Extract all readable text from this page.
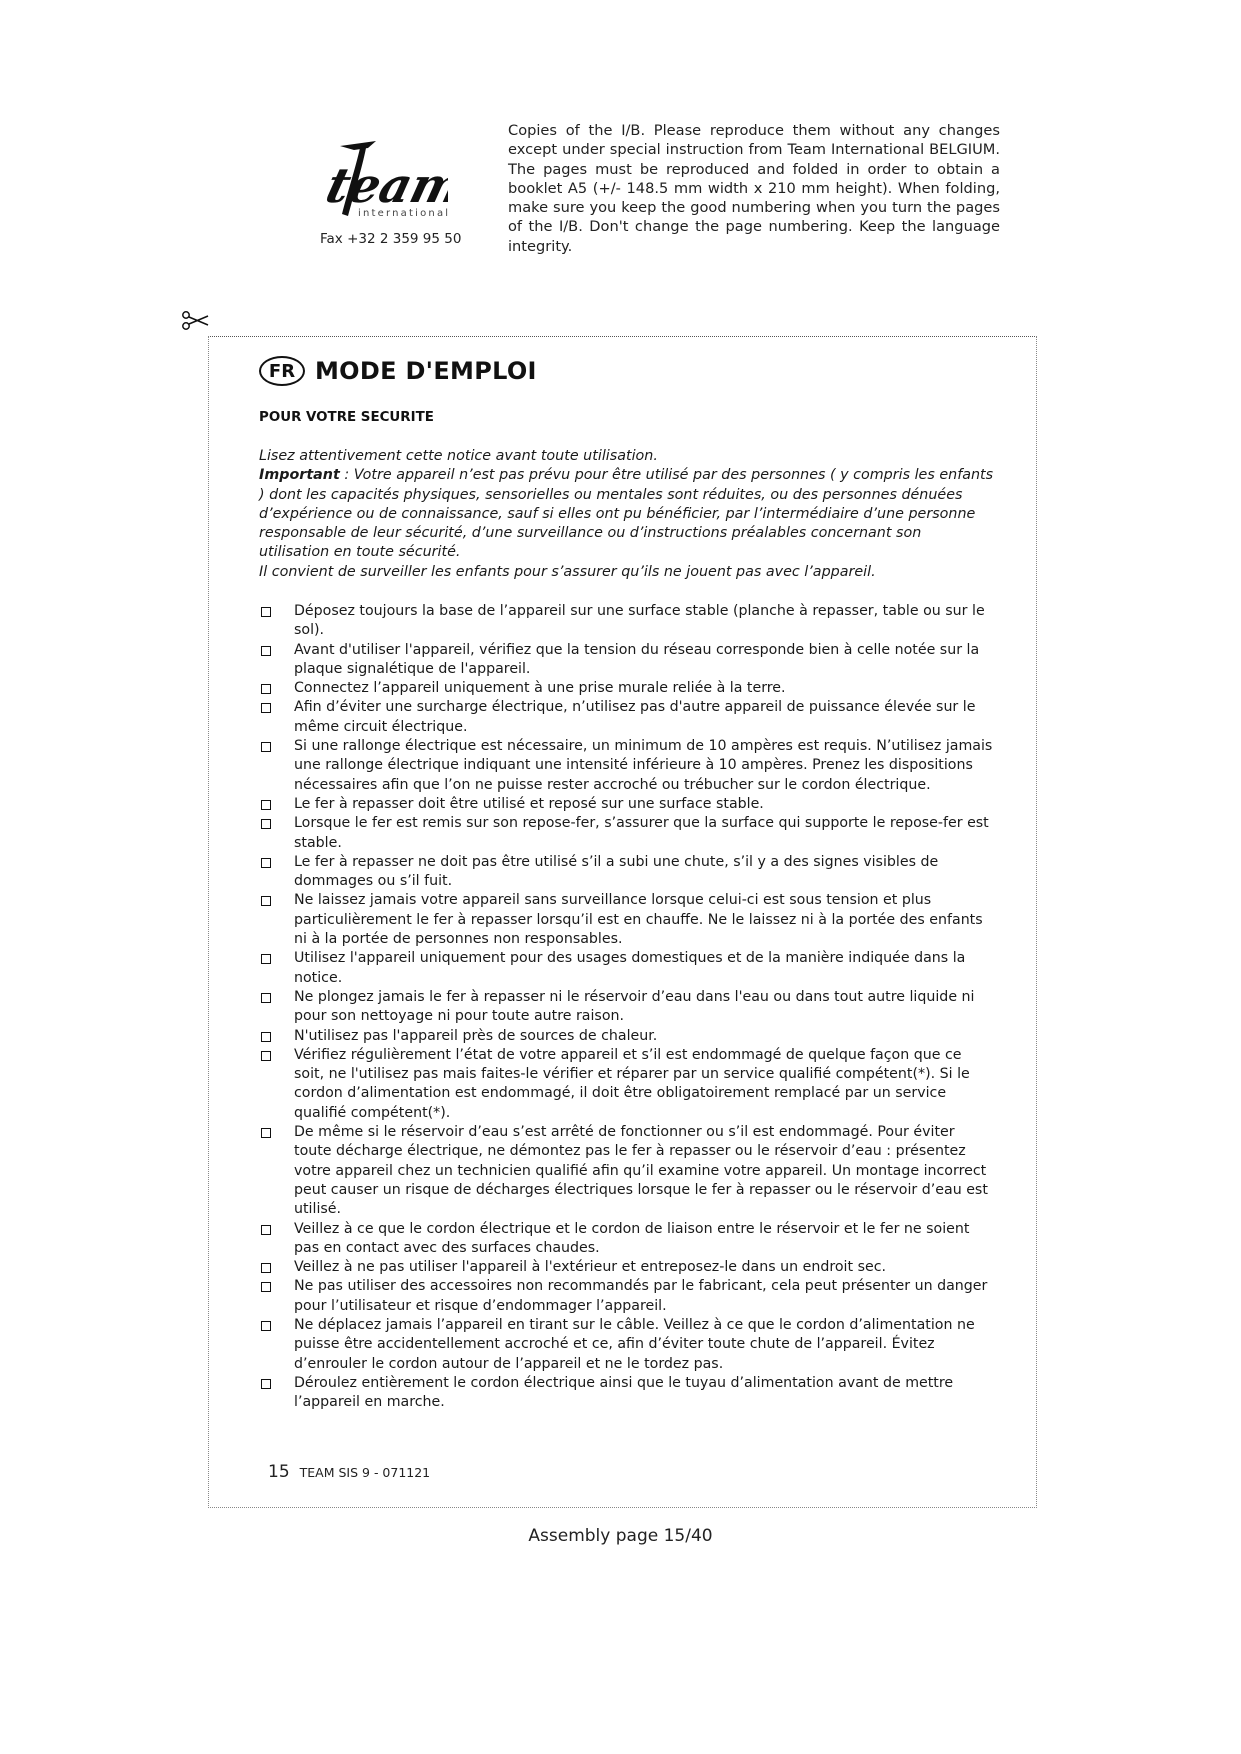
team
international
Fax +32 2 359 95 50
Copies of the I/B. Please reproduce them without any changes except under special instruction from Team International BELGIUM. The pages must be reproduced and folded in order to obtain a booklet A5 (+/- 148.5 mm width x 210 mm height). When folding, make sure you keep the good numbering when you turn the pages of the I/B. Don't change the page numbering. Keep the language integrity.
FR MODE D'EMPLOI
POUR VOTRE SECURITE

Lisez attentivement cette notice avant toute utilisation.

Important : Votre appareil n’est pas prévu pour être utilisé par des personnes ( y compris les enfants ) dont les capacités physiques, sensorielles ou mentales sont réduites, ou des personnes dénuées d’expérience ou de connaissance, sauf si elles ont pu bénéficier, par l’intermédiaire d’une personne responsable de leur sécurité, d’une surveillance ou d’instructions préalables concernant son utilisation en toute sécurité.

Il convient de surveiller les enfants pour s’assurer qu’ils ne jouent pas avec l’appareil.

Déposez toujours la base de l’appareil sur une surface stable (planche à repasser, table ou sur le sol).
Avant d'utiliser l'appareil, vérifiez que la tension du réseau corresponde bien à celle notée sur la plaque signalétique de l'appareil.
Connectez l’appareil uniquement à une prise murale reliée à la terre.
Afin d’éviter une surcharge électrique, n’utilisez pas d'autre appareil de puissance élevée sur le même circuit électrique.
Si une rallonge électrique est nécessaire, un minimum de 10 ampères est requis. N’utilisez jamais une rallonge électrique indiquant une intensité inférieure à 10 ampères. Prenez les dispositions nécessaires afin que l’on ne puisse rester accroché ou trébucher sur le cordon électrique.
Le fer à repasser doit être utilisé et reposé sur une surface stable.
Lorsque le fer est remis sur son repose-fer, s’assurer que la surface qui supporte le repose-fer est stable.
Le fer à repasser ne doit pas être utilisé s’il a subi une chute, s’il y a des signes visibles de dommages ou s’il fuit.
Ne laissez jamais votre appareil sans surveillance lorsque celui-ci est sous tension et plus particulièrement le fer à repasser lorsqu’il est en chauffe. Ne le laissez ni à la portée des enfants ni à la portée de personnes non responsables.
Utilisez l'appareil uniquement pour des usages domestiques et de la manière indiquée dans la notice.
Ne plongez jamais le fer à repasser ni le réservoir d’eau dans l'eau ou dans tout autre liquide ni pour son nettoyage ni pour toute autre raison.
N'utilisez pas l'appareil près de sources de chaleur.
Vérifiez régulièrement l’état de votre appareil et s’il est endommagé de quelque façon que ce soit, ne l'utilisez pas mais faites-le vérifier et réparer par un service qualifié compétent(*). Si le cordon d’alimentation est endommagé, il doit être obligatoirement remplacé par un service qualifié compétent(*).
De même si le réservoir d’eau s’est arrêté de fonctionner ou s’il est endommagé. Pour éviter toute décharge électrique, ne démontez pas le fer à repasser ou le réservoir d’eau : présentez votre appareil chez un technicien qualifié afin qu’il examine votre appareil. Un montage incorrect peut causer un risque de décharges électriques lorsque le fer à repasser ou le réservoir d’eau est utilisé.
Veillez à ce que le cordon électrique et le cordon de liaison entre le réservoir et le fer ne soient pas en contact avec des surfaces chaudes.
Veillez à ne pas utiliser l'appareil à l'extérieur et entreposez-le dans un endroit sec.
Ne pas utiliser des accessoires non recommandés par le fabricant, cela peut présenter un danger pour l’utilisateur et risque d’endommager l’appareil.
Ne déplacez jamais l’appareil en tirant sur le câble. Veillez à ce que le cordon d’alimentation ne puisse être accidentellement accroché et ce, afin d’éviter toute chute de l’appareil. Évitez d’enrouler le cordon autour de l’appareil et ne le tordez pas.
Déroulez entièrement le cordon électrique ainsi que le tuyau d’alimentation avant de mettre l’appareil en marche.
15 TEAM SIS 9 - 071121
Assembly page 15/40
